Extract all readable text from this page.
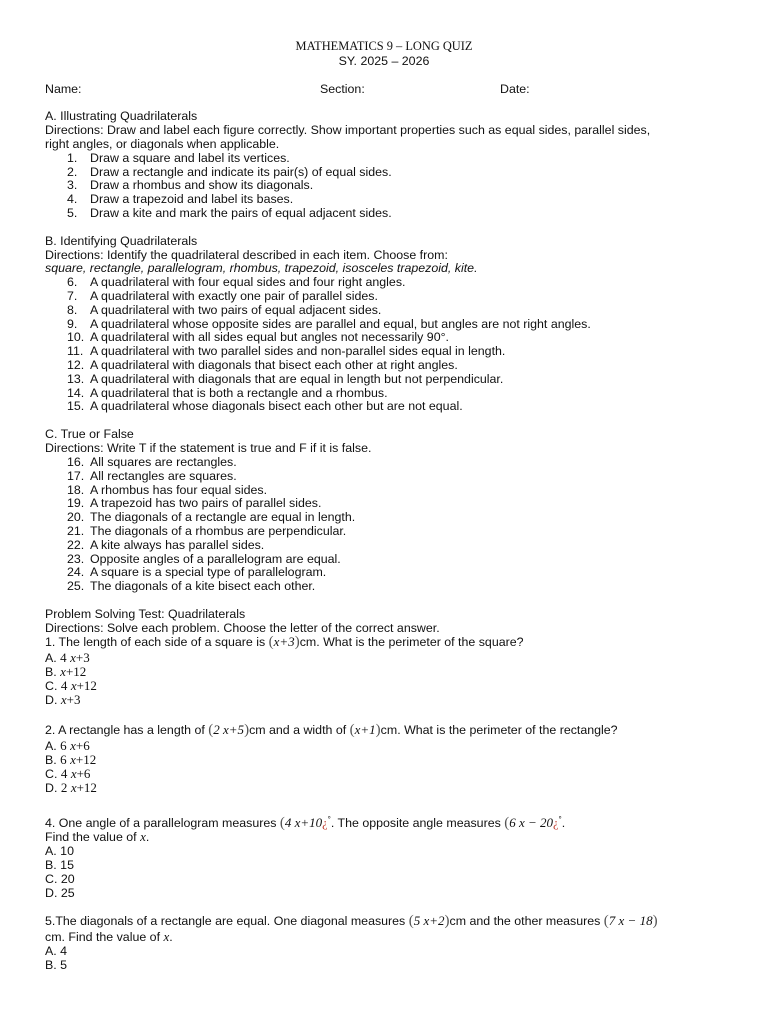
MATHEMATICS 9 – LONG QUIZ
SY. 2025 – 2026
Name:	Section:	Date:
A. Illustrating Quadrilaterals
Directions: Draw and label each figure correctly. Show important properties such as equal sides, parallel sides,
right angles, or diagonals when applicable.
1. Draw a square and label its vertices.
2. Draw a rectangle and indicate its pair(s) of equal sides.
3. Draw a rhombus and show its diagonals.
4. Draw a trapezoid and label its bases.
5. Draw a kite and mark the pairs of equal adjacent sides.
B. Identifying Quadrilaterals
Directions: Identify the quadrilateral described in each item. Choose from:
square, rectangle, parallelogram, rhombus, trapezoid, isosceles trapezoid, kite.
6. A quadrilateral with four equal sides and four right angles.
7. A quadrilateral with exactly one pair of parallel sides.
8. A quadrilateral with two pairs of equal adjacent sides.
9. A quadrilateral whose opposite sides are parallel and equal, but angles are not right angles.
10. A quadrilateral with all sides equal but angles not necessarily 90°.
11. A quadrilateral with two parallel sides and non-parallel sides equal in length.
12. A quadrilateral with diagonals that bisect each other at right angles.
13. A quadrilateral with diagonals that are equal in length but not perpendicular.
14. A quadrilateral that is both a rectangle and a rhombus.
15. A quadrilateral whose diagonals bisect each other but are not equal.
C. True or False
Directions: Write T if the statement is true and F if it is false.
16. All squares are rectangles.
17. All rectangles are squares.
18. A rhombus has four equal sides.
19. A trapezoid has two pairs of parallel sides.
20. The diagonals of a rectangle are equal in length.
21. The diagonals of a rhombus are perpendicular.
22. A kite always has parallel sides.
23. Opposite angles of a parallelogram are equal.
24. A square is a special type of parallelogram.
25. The diagonals of a kite bisect each other.
Problem Solving Test: Quadrilaterals
Directions: Solve each problem. Choose the letter of the correct answer.
1. The length of each side of a square is (x+3)cm. What is the perimeter of the square?
A. 4 x+3
B. x+12
C. 4 x+12
D. x+3
2. A rectangle has a length of (2 x+5)cm and a width of (x+1)cm. What is the perimeter of the rectangle?
A. 6 x+6
B. 6 x+12
C. 4 x+6
D. 2 x+12
4. One angle of a parallelogram measures (4 x+10¿°. The opposite angle measures (6 x − 20¿°.
Find the value of x.
A. 10
B. 15
C. 20
D. 25
5.The diagonals of a rectangle are equal. One diagonal measures (5 x+2)cm and the other measures (7 x − 18)
cm. Find the value of x.
A. 4
B. 5
